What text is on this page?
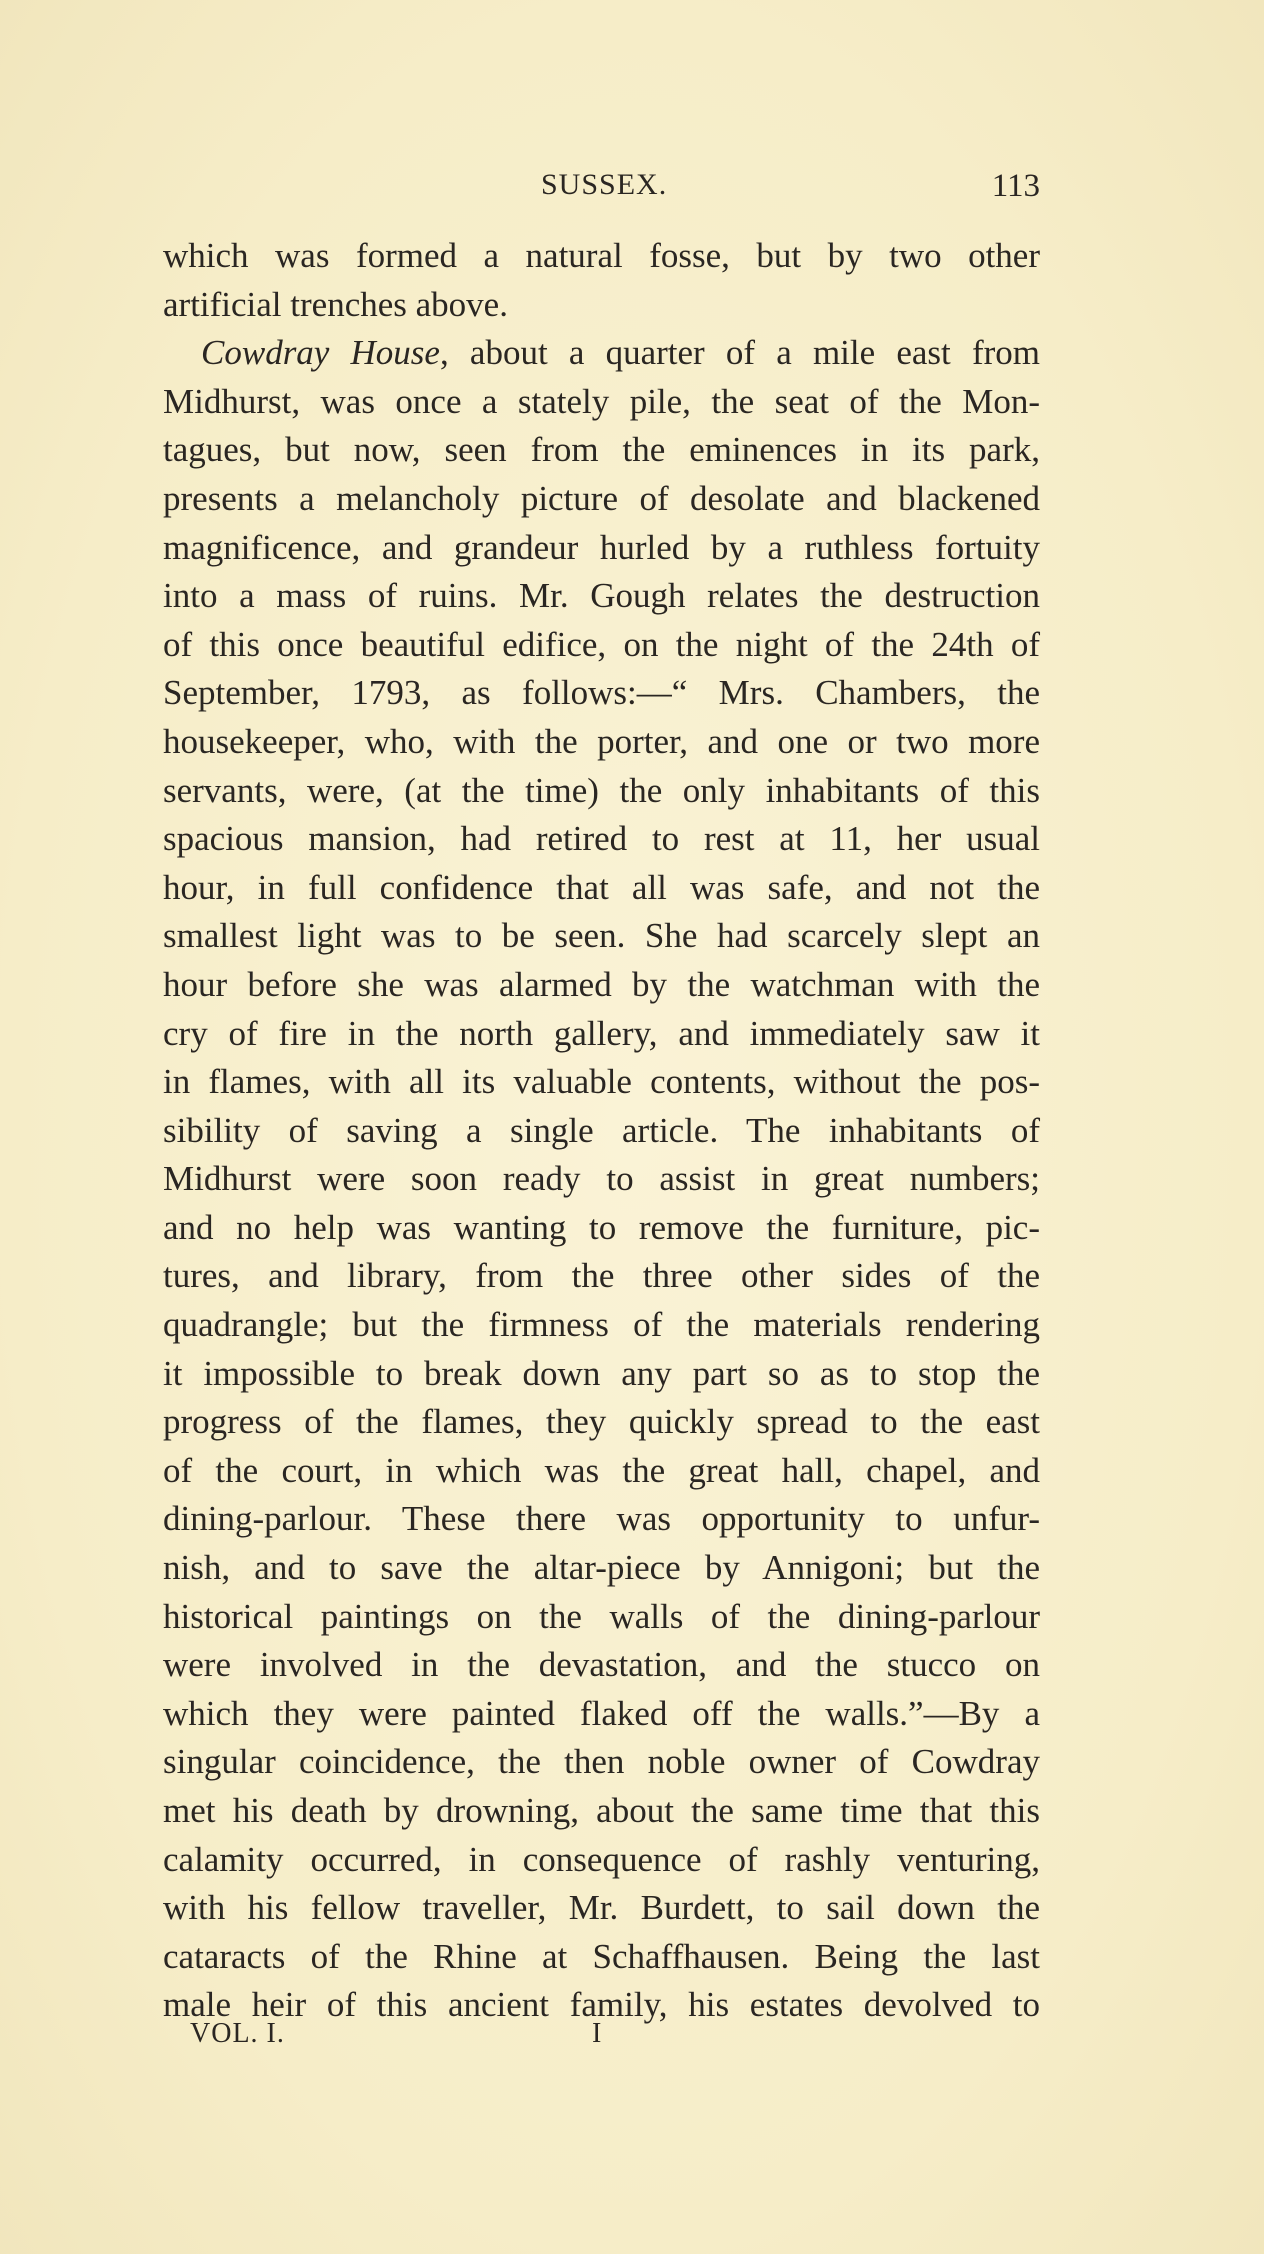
SUSSEX.	113
which was formed a natural fosse, but by two other
artificial trenches above.
Cowdray House, about a quarter of a mile east from
Midhurst, was once a stately pile, the seat of the Mon-
tagues, but now, seen from the eminences in its park,
presents a melancholy picture of desolate and blackened
magnificence, and grandeur hurled by a ruthless fortuity
into a mass of ruins. Mr. Gough relates the destruction
of this once beautiful edifice, on the night of the 24th of
September, 1793, as follows:—“ Mrs. Chambers, the
housekeeper, who, with the porter, and one or two more
servants, were, (at the time) the only inhabitants of this
spacious mansion, had retired to rest at 11, her usual
hour, in full confidence that all was safe, and not the
smallest light was to be seen. She had scarcely slept an
hour before she was alarmed by the watchman with the
cry of fire in the north gallery, and immediately saw it
in flames, with all its valuable contents, without the pos-
sibility of saving a single article. The inhabitants of
Midhurst were soon ready to assist in great numbers;
and no help was wanting to remove the furniture, pic-
tures, and library, from the three other sides of the
quadrangle; but the firmness of the materials rendering
it impossible to break down any part so as to stop the
progress of the flames, they quickly spread to the east
of the court, in which was the great hall, chapel, and
dining-parlour. These there was opportunity to unfur-
nish, and to save the altar-piece by Annigoni; but the
historical paintings on the walls of the dining-parlour
were involved in the devastation, and the stucco on
which they were painted flaked off the walls.”—By a
singular coincidence, the then noble owner of Cowdray
met his death by drowning, about the same time that this
calamity occurred, in consequence of rashly venturing,
with his fellow traveller, Mr. Burdett, to sail down the
cataracts of the Rhine at Schaffhausen. Being the last
male heir of this ancient family, his estates devolved to
VOL. I.	I
